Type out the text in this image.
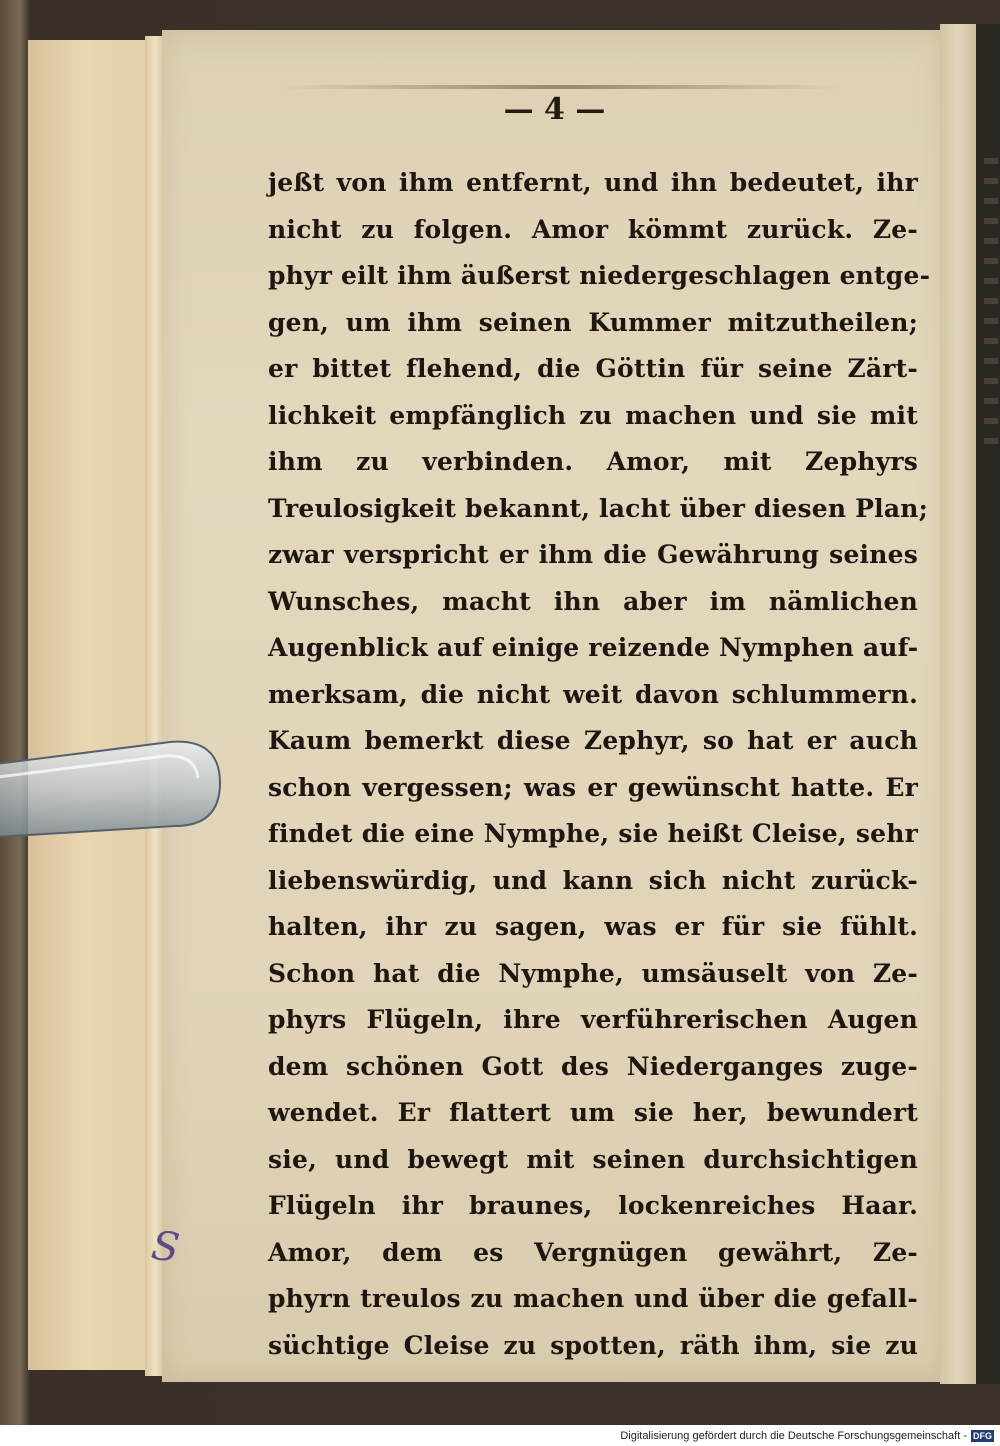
— 4 —
jeßt von ihm entfernt, und ihn bedeutet, ihr
nicht zu folgen. Amor kömmt zurück. Ze-
phyr eilt ihm äußerst niedergeschlagen entge-
gen, um ihm seinen Kummer mitzutheilen;
er bittet flehend, die Göttin für seine Zärt-
lichkeit empfänglich zu machen und sie mit
ihm zu verbinden. Amor, mit Zephyrs
Treulosigkeit bekannt, lacht über diesen Plan;
zwar verspricht er ihm die Gewährung seines
Wunsches, macht ihn aber im nämlichen
Augenblick auf einige reizende Nymphen auf-
merksam, die nicht weit davon schlummern.
Kaum bemerkt diese Zephyr, so hat er auch
schon vergessen; was er gewünscht hatte. Er
findet die eine Nymphe, sie heißt Cleise, sehr
liebenswürdig, und kann sich nicht zurück-
halten, ihr zu sagen, was er für sie fühlt.
Schon hat die Nymphe, umsäuselt von Ze-
phyrs Flügeln, ihre verführerischen Augen
dem schönen Gott des Niederganges zuge-
wendet. Er flattert um sie her, bewundert
sie, und bewegt mit seinen durchsichtigen
Flügeln ihr braunes, lockenreiches Haar.
Amor, dem es Vergnügen gewährt, Ze-
phyrn treulos zu machen und über die gefall-
süchtige Cleise zu spotten, räth ihm, sie zu
S
Digitalisierung gefördert durch die Deutsche Forschungsgemeinschaft - DFG
